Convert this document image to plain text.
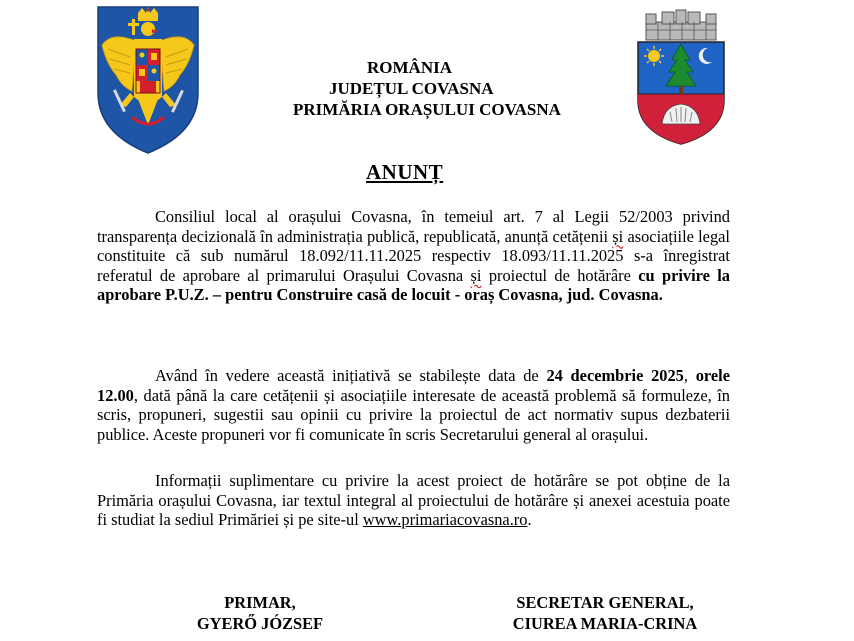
ROMÂNIA
JUDEȚUL COVASNA
PRIMĂRIA ORAȘULUI COVASNA
ANUNȚ

Consiliul local al orașului Covasna, în temeiul art. 7 al Legii 52/2003 privind transparența decizională în administrația publică, republicată, anunță cetățenii și asociațiile legal constituite că sub numărul 18.092/11.11.2025 respectiv 18.093/11.11.2025 s-a înregistrat referatul de aprobare al primarului Orașului Covasna și proiectul de hotărâre cu privire la aprobare P.U.Z. – pentru Construire casă de locuit - oraș Covasna, jud. Covasna.

Având în vedere această inițiativă se stabilește data de 24 decembrie 2025, orele 12.00, dată până la care cetățenii și asociațiile interesate de această problemă să formuleze, în scris, propuneri, sugestii sau opinii cu privire la proiectul de act normativ supus dezbaterii publice. Aceste propuneri vor fi comunicate în scris Secretarului general al orașului.

Informații suplimentare cu privire la acest proiect de hotărâre se pot obține de la Primăria orașului Covasna, iar textul integral al proiectului de hotărâre și anexei acestuia poate fi studiat la sediul Primăriei și pe site-ul www.primariacovasna.ro.

PRIMAR,
GYERŐ JÓZSEF
SECRETAR GENERAL,
CIUREA MARIA-CRINA
